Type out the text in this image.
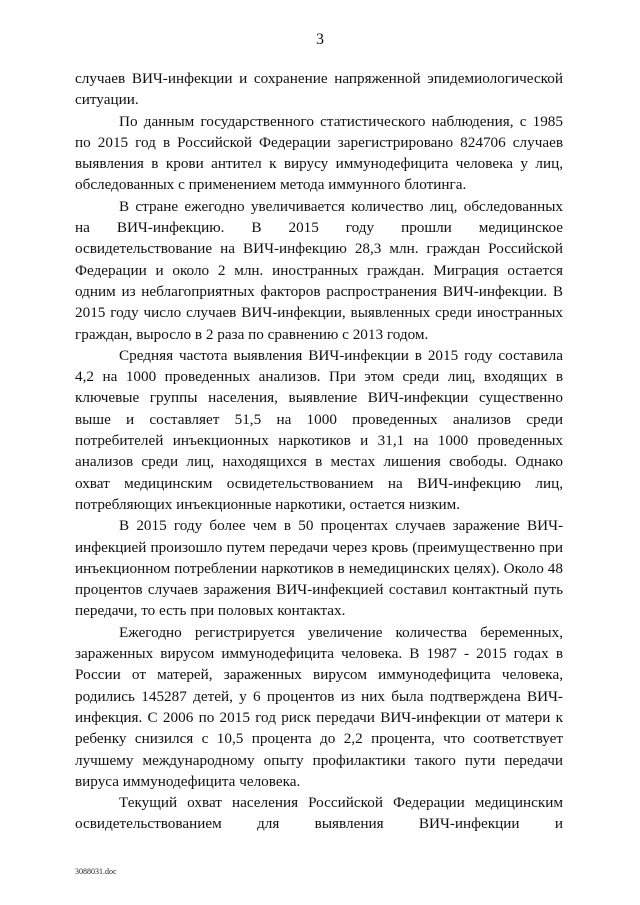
3

случаев ВИЧ-инфекции и сохранение напряженной эпидемиологической ситуации.

По данным государственного статистического наблюдения, с 1985 по 2015 год в Российской Федерации зарегистрировано 824706 случаев выявления в крови антител к вирусу иммунодефицита человека у лиц, обследованных с применением метода иммунного блотинга.

В стране ежегодно увеличивается количество лиц, обследованных на ВИЧ-инфекцию. В 2015 году прошли медицинское освидетельствование на ВИЧ-инфекцию 28,3 млн. граждан Российской Федерации и около 2 млн. иностранных граждан. Миграция остается одним из неблагоприятных факторов распространения ВИЧ-инфекции. В 2015 году число случаев ВИЧ-инфекции, выявленных среди иностранных граждан, выросло в 2 раза по сравнению с 2013 годом.

Средняя частота выявления ВИЧ-инфекции в 2015 году составила 4,2 на 1000 проведенных анализов. При этом среди лиц, входящих в ключевые группы населения, выявление ВИЧ-инфекции существенно выше и составляет 51,5 на 1000 проведенных анализов среди потребителей инъекционных наркотиков и 31,1 на 1000 проведенных анализов среди лиц, находящихся в местах лишения свободы. Однако охват медицинским освидетельствованием на ВИЧ-инфекцию лиц, потребляющих инъекционные наркотики, остается низким.

В 2015 году более чем в 50 процентах случаев заражение ВИЧ-инфекцией произошло путем передачи через кровь (преимущественно при инъекционном потреблении наркотиков в немедицинских целях). Около 48 процентов случаев заражения ВИЧ-инфекцией составил контактный путь передачи, то есть при половых контактах.

Ежегодно регистрируется увеличение количества беременных, зараженных вирусом иммунодефицита человека. В 1987 - 2015 годах в России от матерей, зараженных вирусом иммунодефицита человека, родились 145287 детей, у 6 процентов из них была подтверждена ВИЧ-инфекция. С 2006 по 2015 год риск передачи ВИЧ-инфекции от матери к ребенку снизился с 10,5 процента до 2,2 процента, что соответствует лучшему международному опыту профилактики такого пути передачи вируса иммунодефицита человека.

Текущий охват населения Российской Федерации медицинским освидетельствованием для выявления ВИЧ-инфекции и

3088031.doc
